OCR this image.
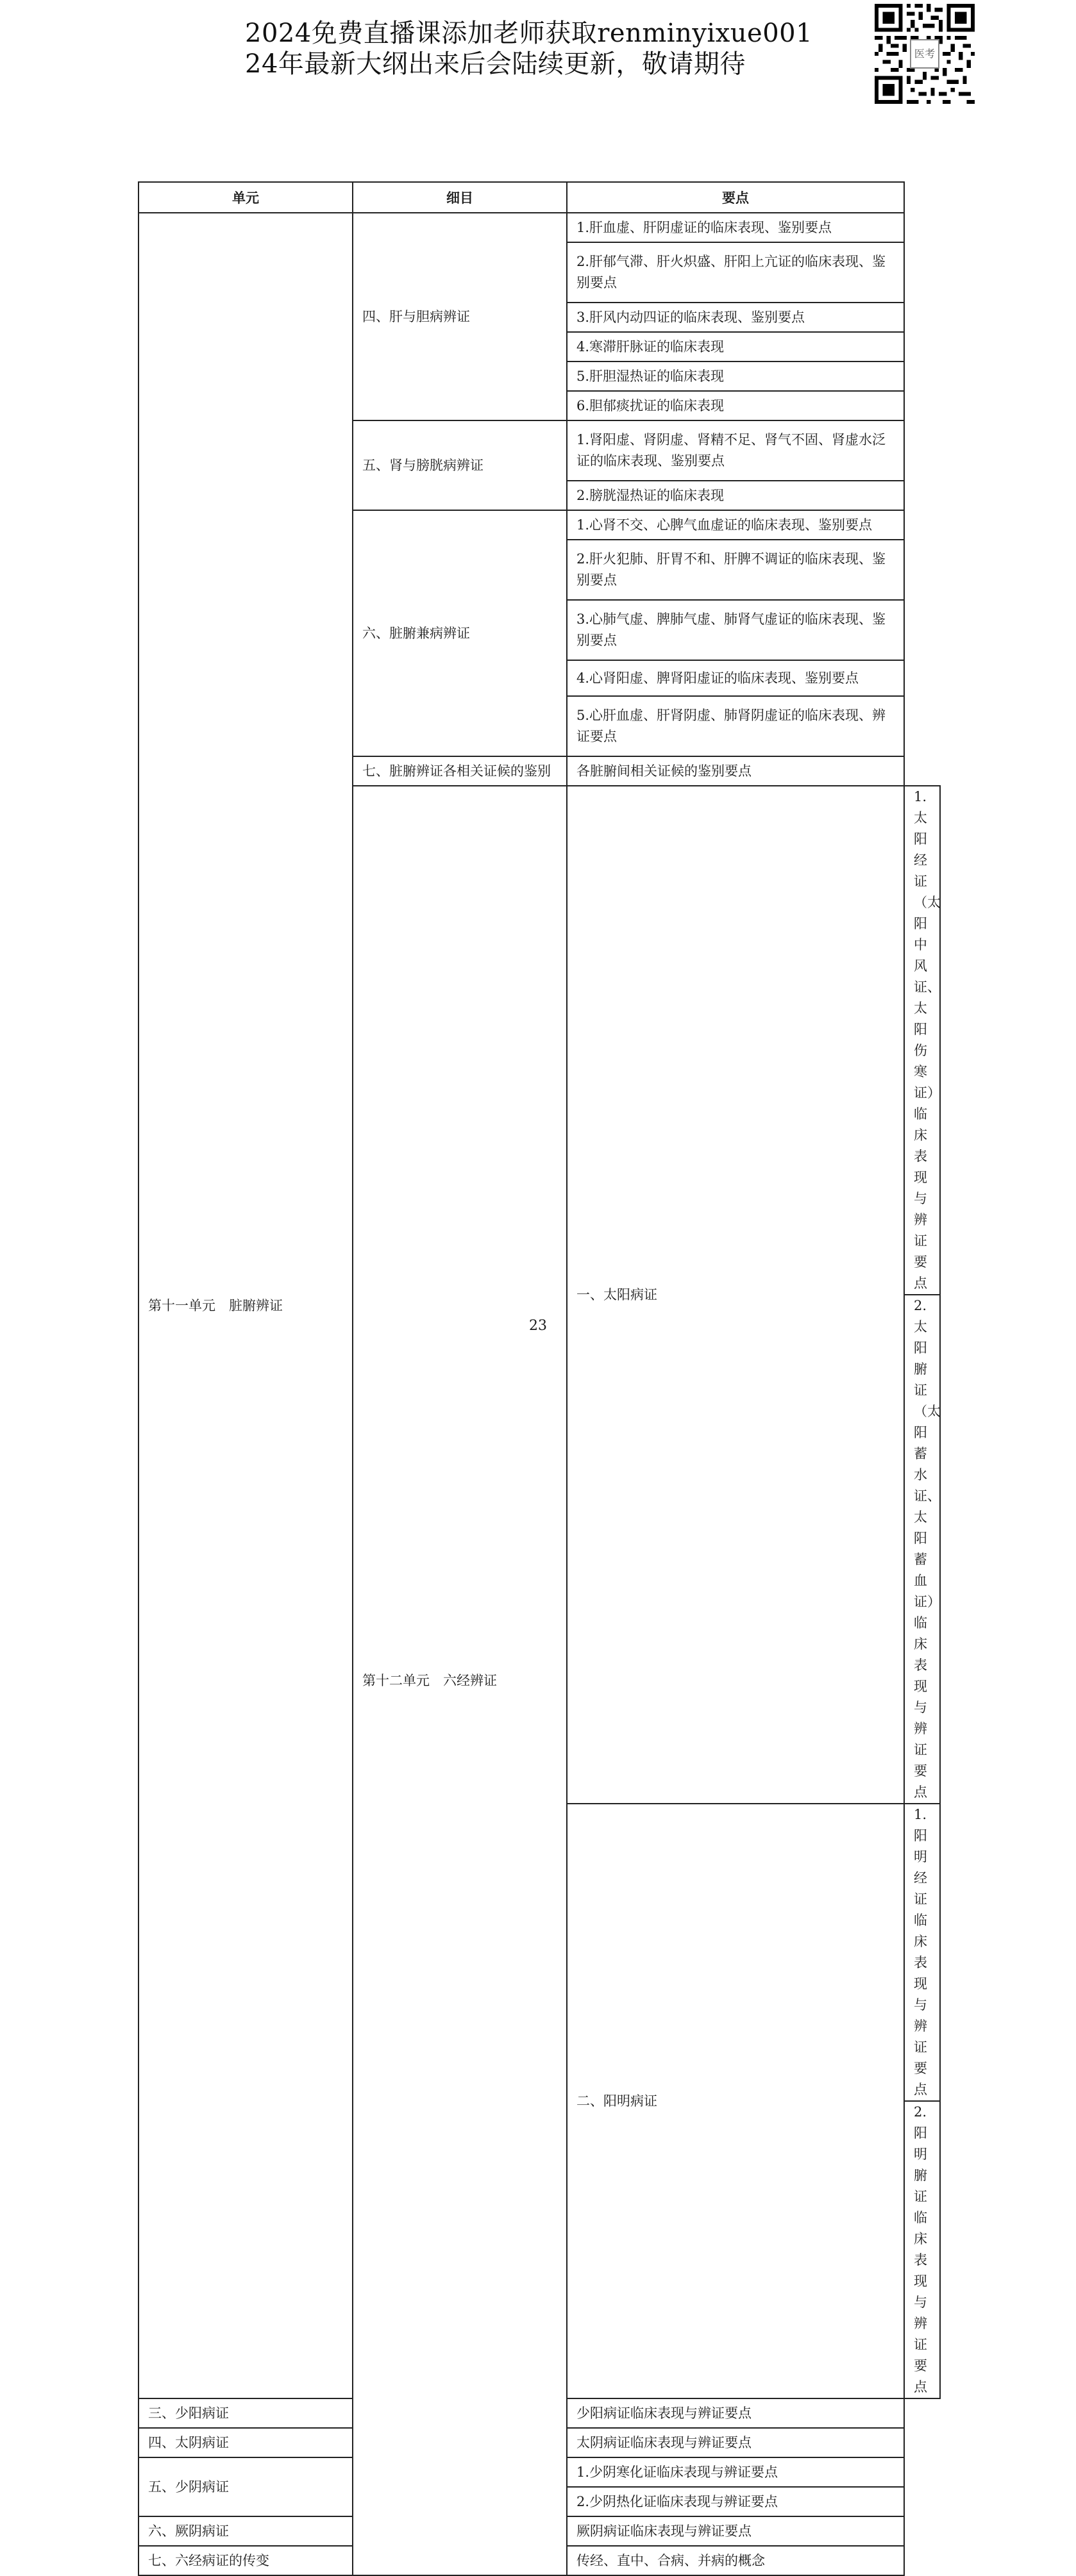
2024免费直播课添加老师获取renminyixue001
24年最新大纲出来后会陆续更新，敬请期待	医考
单元	细目	要点	
第十一单元　脏腑辨证	四、肝与胆病辨证	1.肝血虚、肝阴虚证的临床表现、鉴别要点	
		2.肝郁气滞、肝火炽盛、肝阳上亢证的临床表现、鉴别要点	
		3.肝风内动四证的临床表现、鉴别要点	
		4.寒滞肝脉证的临床表现	
		5.肝胆湿热证的临床表现	
		6.胆郁痰扰证的临床表现	
	五、肾与膀胱病辨证	1.肾阳虚、肾阴虚、肾精不足、肾气不固、肾虚水泛证的临床表现、鉴别要点	
		2.膀胱湿热证的临床表现	
	六、脏腑兼病辨证	1.心肾不交、心脾气血虚证的临床表现、鉴别要点	
		2.肝火犯肺、肝胃不和、肝脾不调证的临床表现、鉴别要点	
		3.心肺气虚、脾肺气虚、肺肾气虚证的临床表现、鉴别要点	
		4.心肾阳虚、脾肾阳虚证的临床表现、鉴别要点	
		5.心肝血虚、肝肾阴虚、肺肾阴虚证的临床表现、辨证要点	
	七、脏腑辨证各相关证候的鉴别	各脏腑间相关证候的鉴别要点	
	第十二单元　六经辨证	一、太阳病证	1.太阳经证（太阳中风证、太阳伤寒证）临床表现与辨证要点
			2.太阳腑证（太阳蓄水证、太阳蓄血证）临床表现与辨证要点
		二、阳明病证	1.阳明经证临床表现与辨证要点
			2.阳明腑证临床表现与辨证要点
三、少阳病证		少阳病证临床表现与辨证要点	
四、太阴病证		太阴病证临床表现与辨证要点	
五、少阴病证		1.少阴寒化证临床表现与辨证要点	
		2.少阴热化证临床表现与辨证要点	
六、厥阴病证		厥阴病证临床表现与辨证要点	
七、六经病证的传变		传经、直中、合病、并病的概念	
23
